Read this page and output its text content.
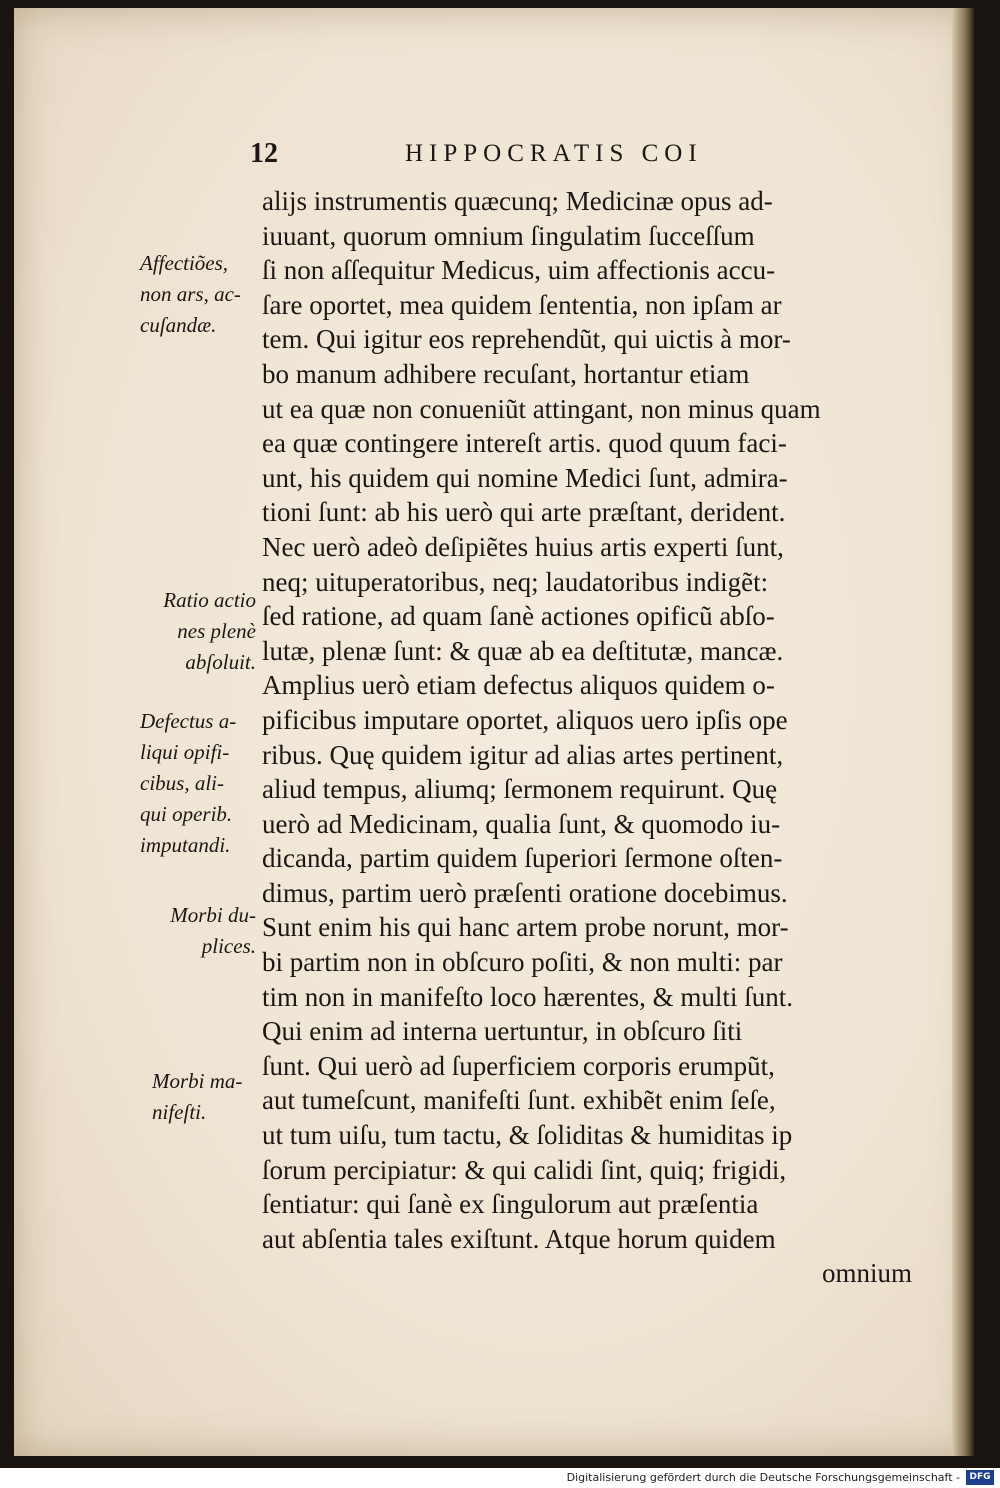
12	HIPPOCRATIS COI
aliјs instrumentis quæcunq; Medicinæ opus ad-
iuuant, quorum omnium ſingulatim ſucceſſum
ſi non aſſequitur Medicus, uim affectionis accu-
ſare oportet, mea quidem ſententia, non ipſam ar
tem. Qui igitur eos reprehendũt, qui uictis à mor-
bo manum adhibere recuſant, hortantur etiam
ut ea quæ non conueniũt attingant, non minus quam
ea quæ contingere intereſt artis. quod quum faci-
unt, his quidem qui nomine Medici ſunt, admira-
tioni ſunt: ab his uerò qui arte præſtant, derident.
Nec uerò adeò deſipiẽtes huius artis experti ſunt,
neq; uituperatoribus, neq; laudatoribus indigẽt:
ſed ratione, ad quam ſanè actiones opificũ abſo-
lutæ, plenæ ſunt: & quæ ab ea deſtitutæ, mancæ.
Amplius uerò etiam defectus aliquos quidem o-
pificibus imputare oportet, aliquos uero ipſis ope
ribus. Quę quidem igitur ad alias artes pertinent,
aliud tempus, aliumq; ſermonem requirunt. Quę
uerò ad Medicinam, qualia ſunt, & quomodo iu-
dicanda, partim quidem ſuperiori ſermone oſten-
dimus, partim uerò præſenti oratione docebimus.
Sunt enim his qui hanc artem probe norunt, mor-
bi partim non in obſcuro poſiti, & non multi: par
tim non in manifeſto loco hærentes, & multi ſunt.
Qui enim ad interna uertuntur, in obſcuro ſiti
ſunt. Qui uerò ad ſuperficiem corporis erumpũt,
aut tumeſcunt, manifeſti ſunt. exhibẽt enim ſeſe,
ut tum uiſu, tum tactu, & ſoliditas & humiditas ip
ſorum percipiatur: & qui calidi ſint, quiq; frigidi,
ſentiatur: qui ſanè ex ſingulorum aut præſentia
aut abſentia tales exiſtunt. Atque horum quidem
omnium
Affectiões,
non ars, ac-
cuſandæ.
Ratio actio
nes plenè
abſoluit.
Defectus a-
liqui opifi-
cibus, ali-
qui operib.
imputandi.
Morbi du-
plices.
Morbi ma-
nifeſti.
Digitalisierung gefördert durch die Deutsche Forschungsgemeinschaft -	DFG
